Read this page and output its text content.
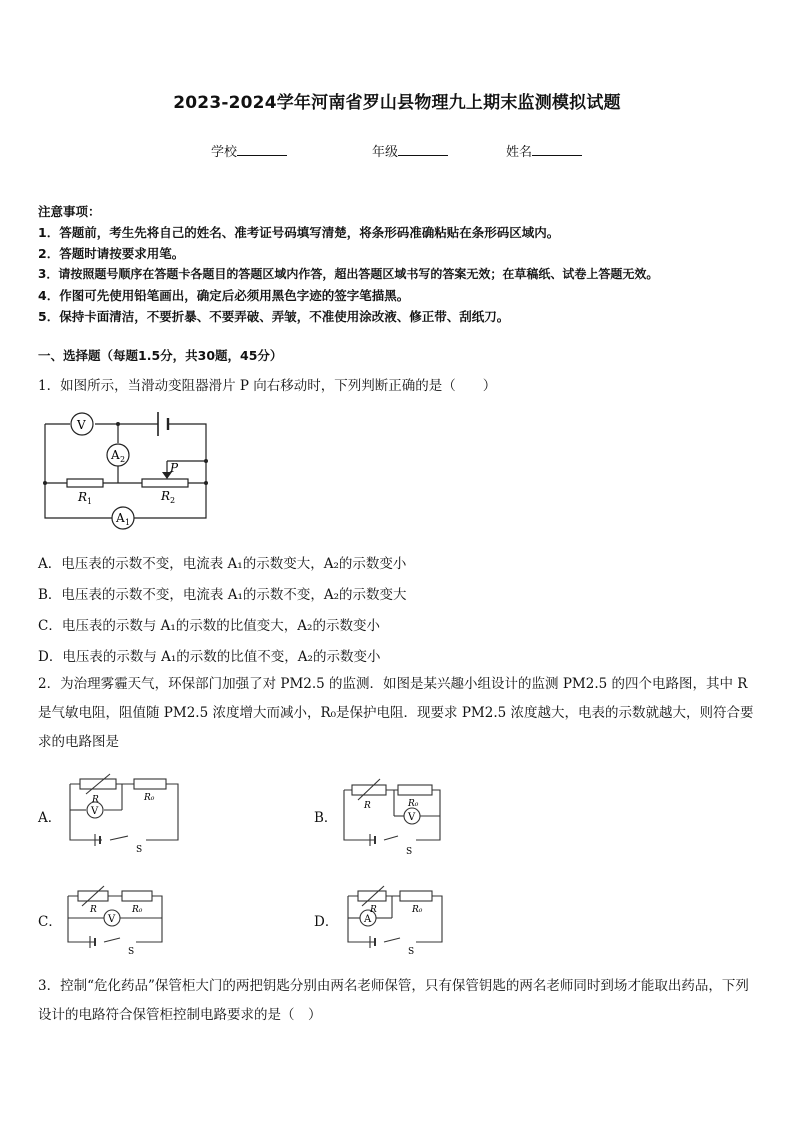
2023-2024学年河南省罗山县物理九上期末监测模拟试题
学校	年级	姓名
注意事项：
1．答题前，考生先将自己的姓名、准考证号码填写清楚，将条形码准确粘贴在条形码区域内。
2．答题时请按要求用笔。
3．请按照题号顺序在答题卡各题目的答题区域内作答，超出答题区域书写的答案无效；在草稿纸、试卷上答题无效。
4．作图可先使用铅笔画出，确定后必须用黑色字迹的签字笔描黑。
5．保持卡面清洁，不要折暴、不要弄破、弄皱，不准使用涂改液、修正带、刮纸刀。
一、选择题（每题1.5分，共30题，45分）
1．如图所示，当滑动变阻器滑片 P 向右移动时，下列判断正确的是（　　）
V
A 2
A 1
R 1	R 2
P
A．电压表的示数不变，电流表 A₁的示数变大，A₂的示数变小
B．电压表的示数不变，电流表 A₁的示数不变，A₂的示数变大
C．电压表的示数与 A₁的示数的比值变大，A₂的示数变小
D．电压表的示数与 A₁的示数的比值不变，A₂的示数变小
2．为治理雾霾天气，环保部门加强了对 PM2.5 的监测．如图是某兴趣小组设计的监测 PM2.5 的四个电路图，其中 R 是气敏电阻，阻值随 PM2.5 浓度增大而减小，R₀是保护电阻．现要求 PM2.5 浓度越大，电表的示数就越大，则符合要求的电路图是
A．	B．
C．	D．
V
R	R₀
S
V
R	R₀
S
V
R	R₀
S
A
R	R₀
S
3．控制“危化药品”保管柜大门的两把钥匙分别由两名老师保管，只有保管钥匙的两名老师同时到场才能取出药品，下列设计的电路符合保管柜控制电路要求的是（　）
